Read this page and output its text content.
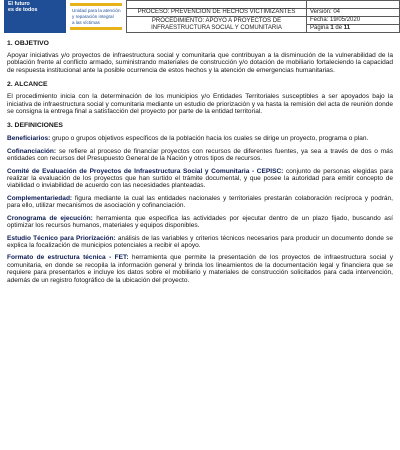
El futuro
es de todos	Unidad para la atención
y reparación integral
a las víctimas

PROCESO: PREVENCION DE HECHOS VICTIMIZANTES	Versión: 04

PROCEDIMIENTO: APOYO A PROYECTOS DE
INFRAESTRUCTURA SOCIAL Y COMUNITARIA	Fecha: 19/05/2020
	Página 1 de 11

1. OBJETIVO

Apoyar iniciativas y/o proyectos de infraestructura social y comunitaria que contribuyan a la disminución de la vulnerabilidad de la población frente al conflicto armado, suministrando materiales de construcción y/o dotación de mobiliario fortaleciendo la capacidad de respuesta institucional ante la posible ocurrencia de estos hechos y la atención de emergencias humanitarias.

2. ALCANCE

El procedimiento inicia con la determinación de los municipios y/o Entidades Territoriales susceptibles a ser apoyados bajo la iniciativa de infraestructura social y comunitaria mediante un estudio de priorización y va hasta la remisión del acta de reunión donde se consigna la entrega final a satisfacción del proyecto por parte de la entidad territorial.

3. DEFINICIONES

Beneficiarios: grupo o grupos objetivos específicos de la población hacia los cuales se dirige un proyecto, programa o plan.

Cofinanciación: se refiere al proceso de financiar proyectos con recursos de diferentes fuentes, ya sea a través de dos o más entidades con recursos del Presupuesto General de la Nación y otros tipos de recursos.

Comité de Evaluación de Proyectos de Infraestructura Social y Comunitaria - CEPISC: conjunto de personas elegidas para realizar la evaluación de los proyectos que han surtido el trámite documental, y que posee la autoridad para emitir concepto de viabilidad o inviabilidad de acuerdo con las necesidades planteadas.

Complementariedad: figura mediante la cual las entidades nacionales y territoriales prestarán colaboración recíproca y podrán, para ello, utilizar mecanismos de asociación y cofinanciación.

Cronograma de ejecución: herramienta que especifica las actividades por ejecutar dentro de un plazo fijado, buscando así optimizar los recursos humanos, materiales y equipos disponibles.

Estudio Técnico para Priorización: análisis de las variables y criterios técnicos necesarios para producir un documento donde se explica la focalización de municipios potenciales a recibir el apoyo.

Formato de estructura técnica - FET: herramienta que permite la presentación de los proyectos de infraestructura social y comunitaria, en donde se recopila la información general y brinda los lineamientos de la documentación legal y financiera que se requiere para presentarlos e incluye los datos sobre el mobiliario y materiales de construcción solicitados para cada intervención, además de un registro fotográfico de la ubicación del proyecto.
